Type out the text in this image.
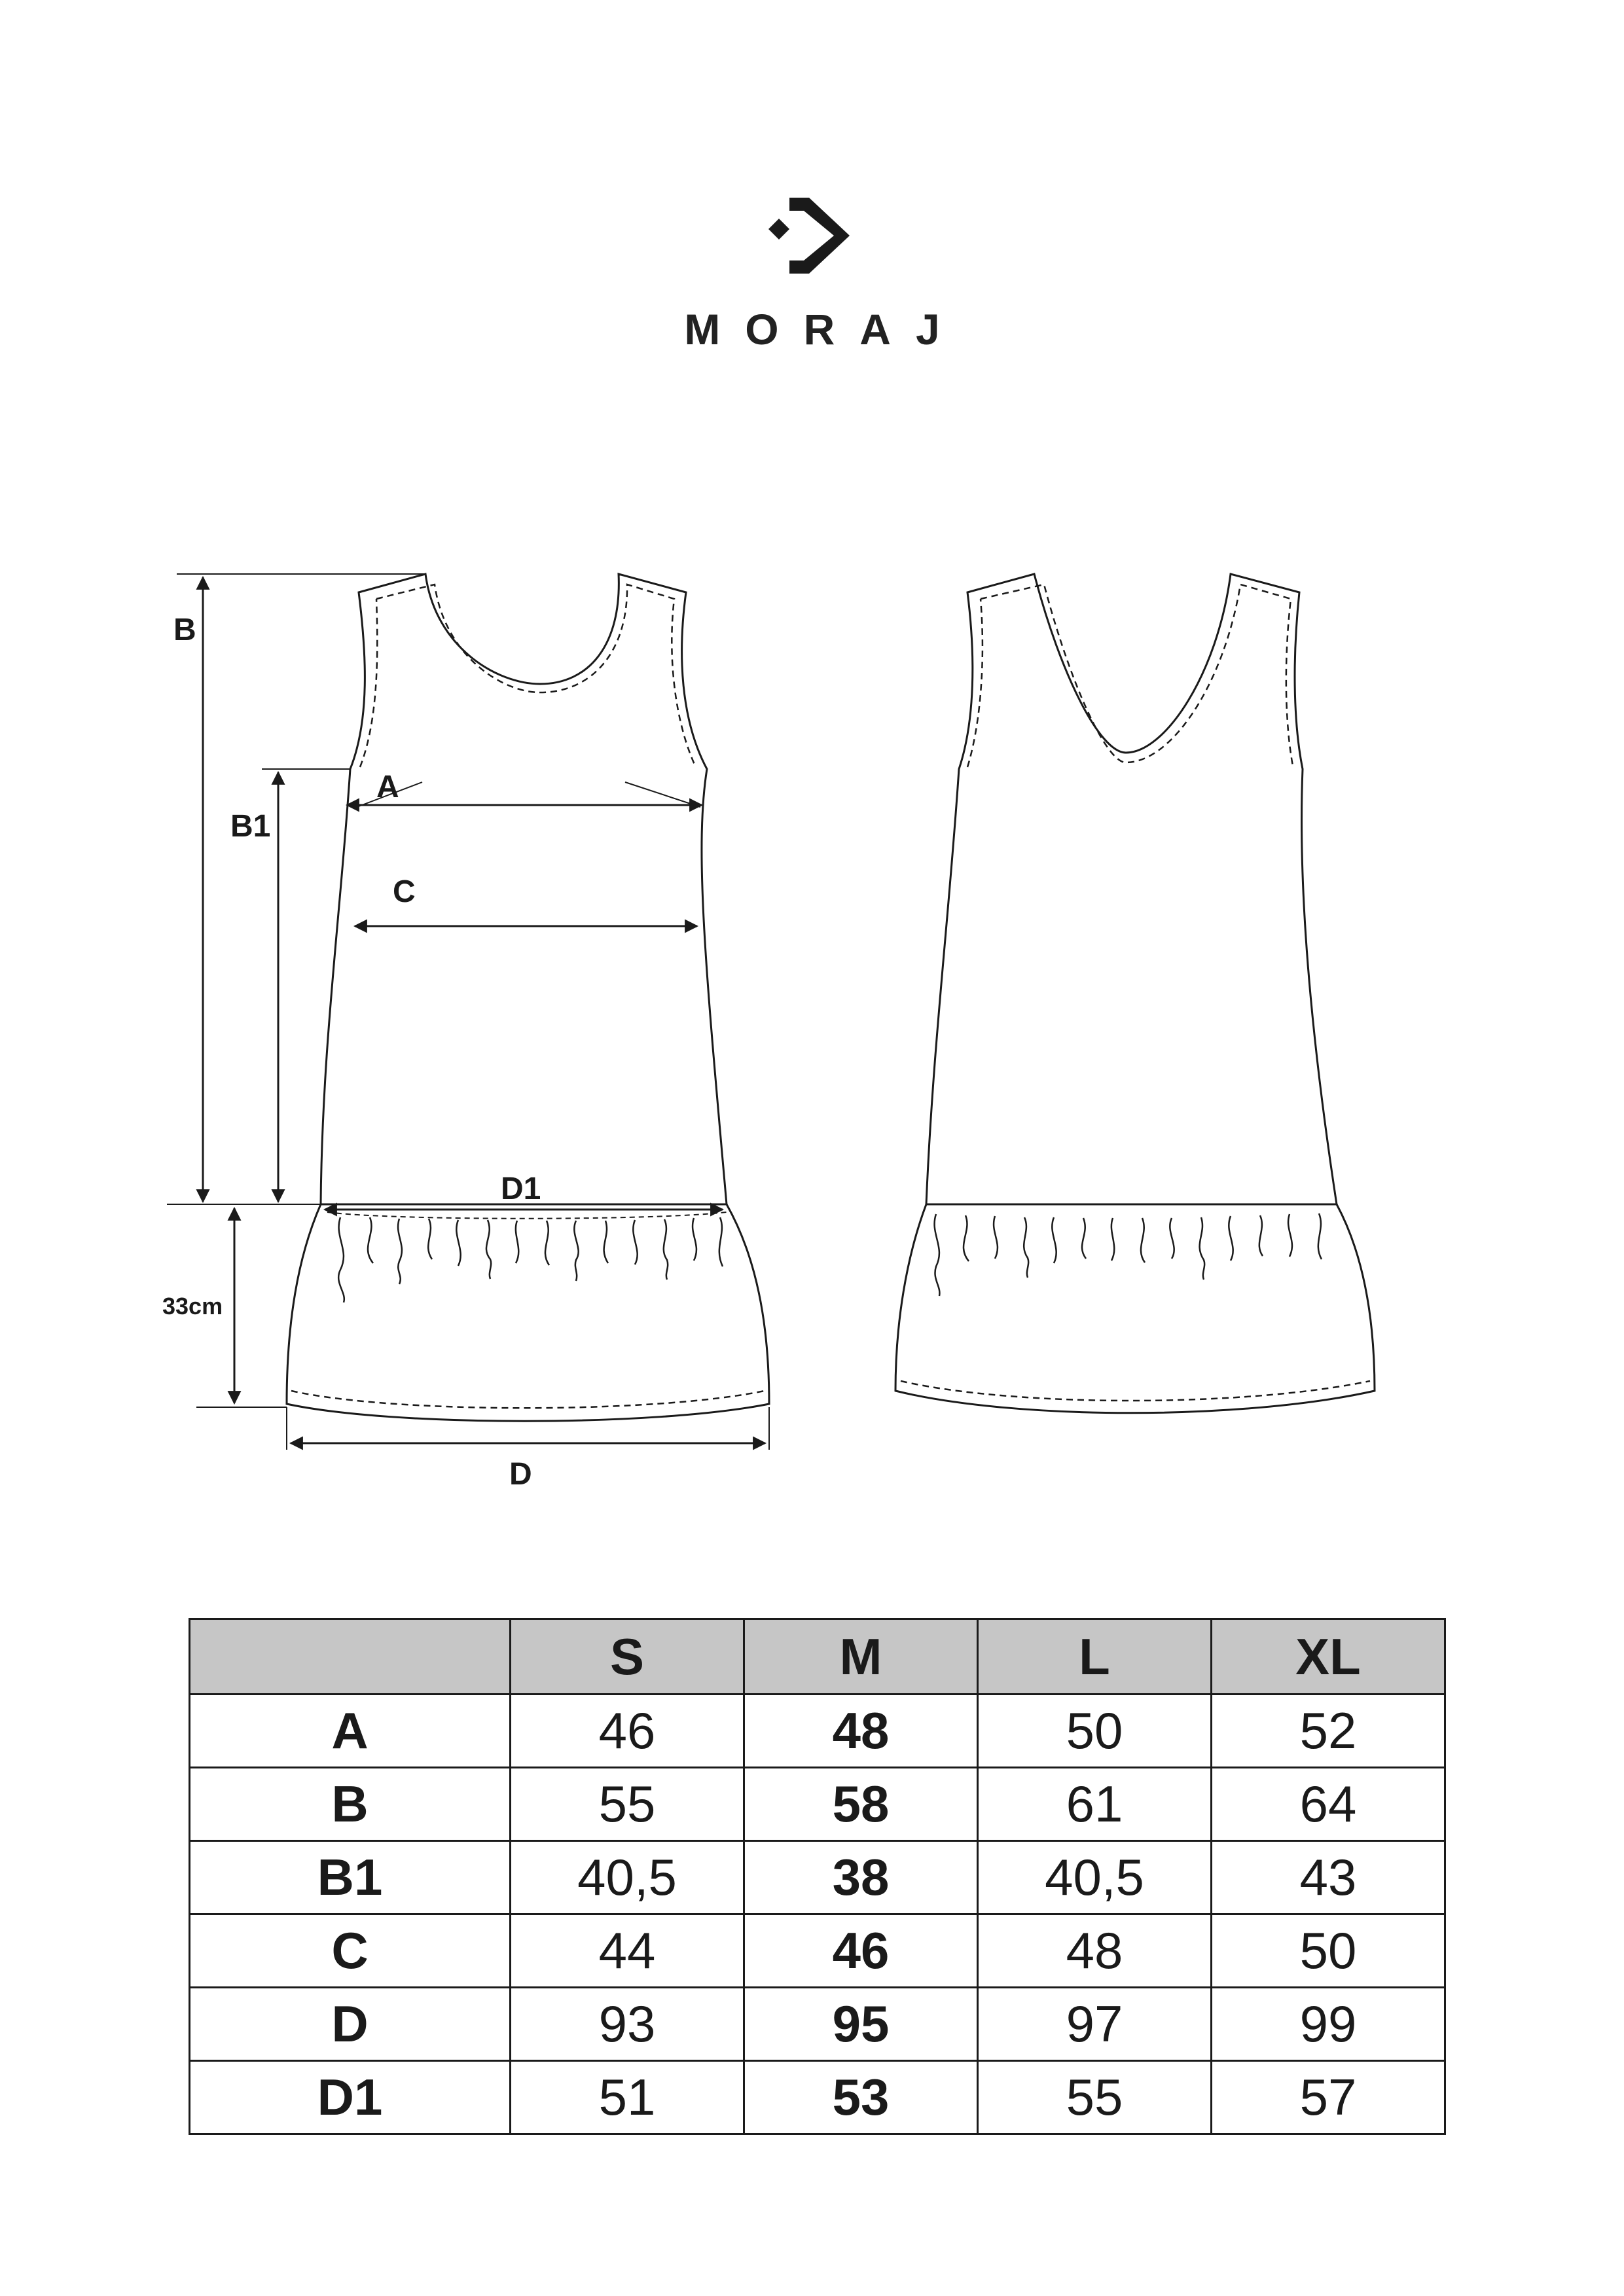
MORAJ
B
B1
A
C
D1
33cm
D
	S	M	L	XL
A	46	48	50	52
B	55	58	61	64
B1	40,5	38	40,5	43
C	44	46	48	50
D	93	95	97	99
D1	51	53	55	57
